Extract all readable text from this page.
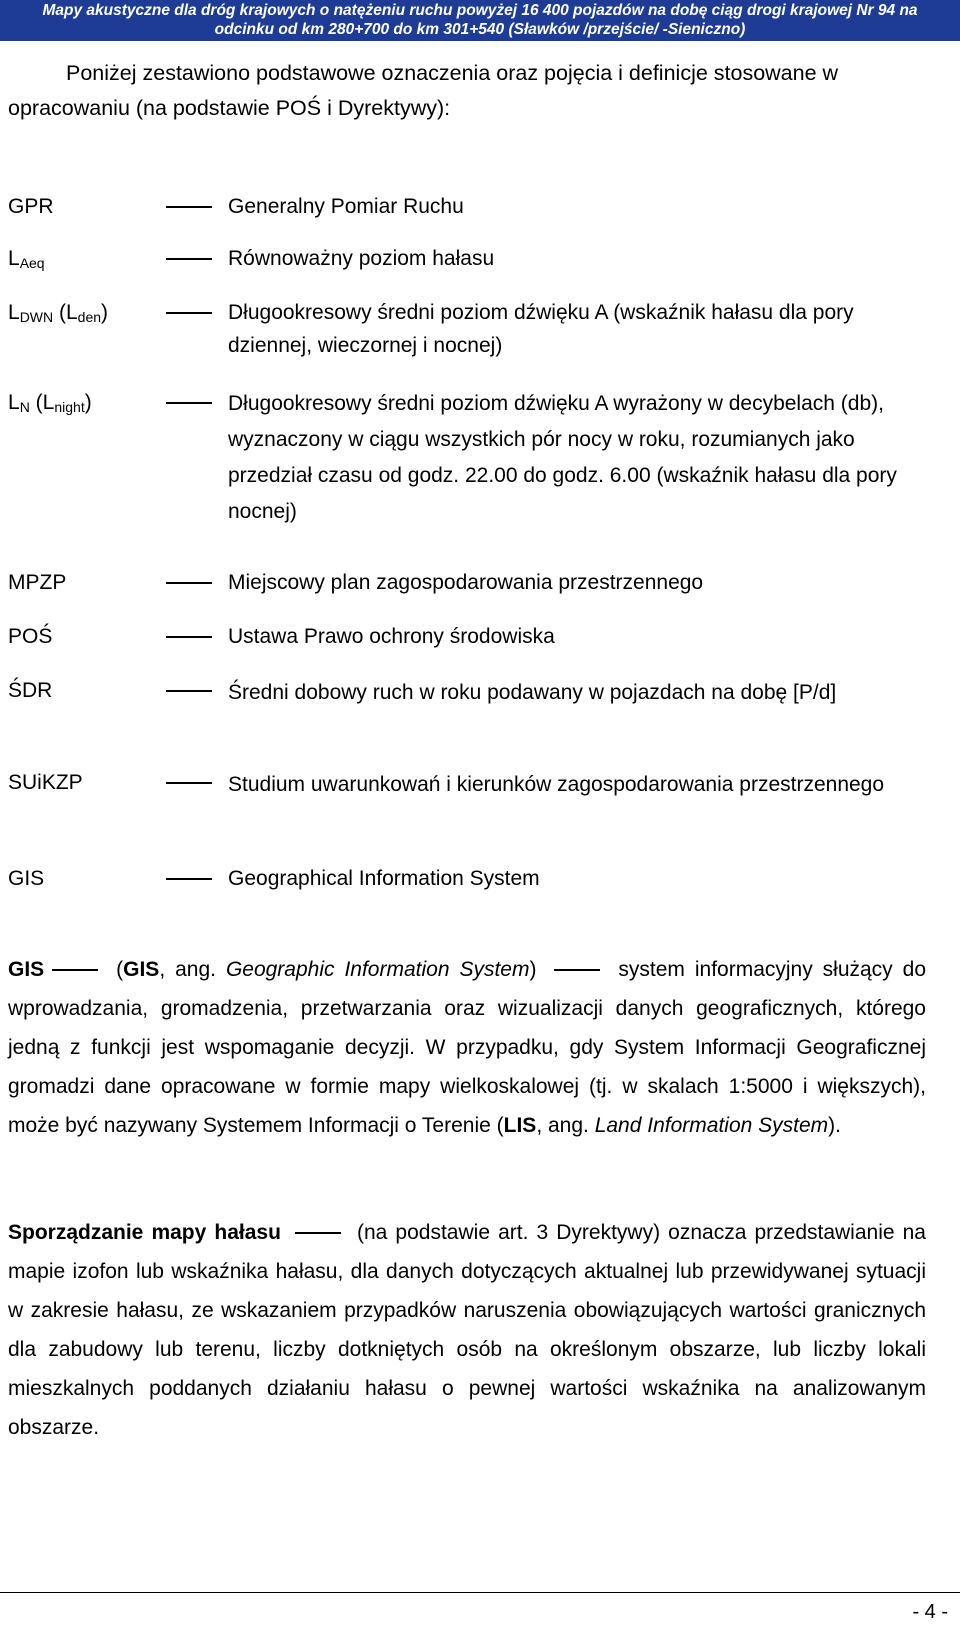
Mapy akustyczne dla dróg krajowych o natężeniu ruchu powyżej 16 400 pojazdów na dobę ciąg drogi krajowej Nr 94 na
odcinku od km 280+700 do km 301+540 (Sławków /przejście/ -Sieniczno)
Poniżej zestawiono podstawowe oznaczenia oraz pojęcia i definicje stosowane w opracowaniu (na podstawie POŚ i Dyrektywy):
GPR	Generalny Pomiar Ruchu
$L_{Aeq}$	Równoważny poziom hałasu
$L_{DWN}$ $(L_{den})$	Długookresowy średni poziom dźwięku A (wskaźnik hałasu dla pory dziennej, wieczornej i nocnej)
$L_N$ $(L_{night})$	Długookresowy średni poziom dźwięku A wyrażony w decybelach (db), wyznaczony w ciągu wszystkich pór nocy w roku, rozumianych jako przedział czasu od godz. 22.00 do godz. 6.00 (wskaźnik hałasu dla pory nocnej)
MPZP	Miejscowy plan zagospodarowania przestrzennego
POŚ	Ustawa Prawo ochrony środowiska
ŚDR	Średni dobowy ruch w roku podawany w pojazdach na dobę [P/d]
SUiKZP	Studium uwarunkowań i kierunków zagospodarowania przestrzennego
GIS	Geographical Information System
GIS	(GIS, ang. Geographic Information System)	system informacyjny służący do wprowadzania, gromadzenia, przetwarzania oraz wizualizacji danych geograficznych, którego jedną z funkcji jest wspomaganie decyzji. W przypadku, gdy System Informacji Geograficznej gromadzi dane opracowane w formie mapy wielkoskalowej (tj. w skalach 1:5000 i większych), może być nazywany Systemem Informacji o Terenie (LIS, ang. Land Information System).
Sporządzanie mapy hałasu	(na podstawie art. 3 Dyrektywy) oznacza przedstawianie na mapie izofon lub wskaźnika hałasu, dla danych dotyczących aktualnej lub przewidywanej sytuacji w zakresie hałasu, ze wskazaniem przypadków naruszenia obowiązujących wartości granicznych dla zabudowy lub terenu, liczby dotkniętych osób na określonym obszarze, lub liczby lokali mieszkalnych poddanych działaniu hałasu o pewnej wartości wskaźnika na analizowanym obszarze.
- 4 -
